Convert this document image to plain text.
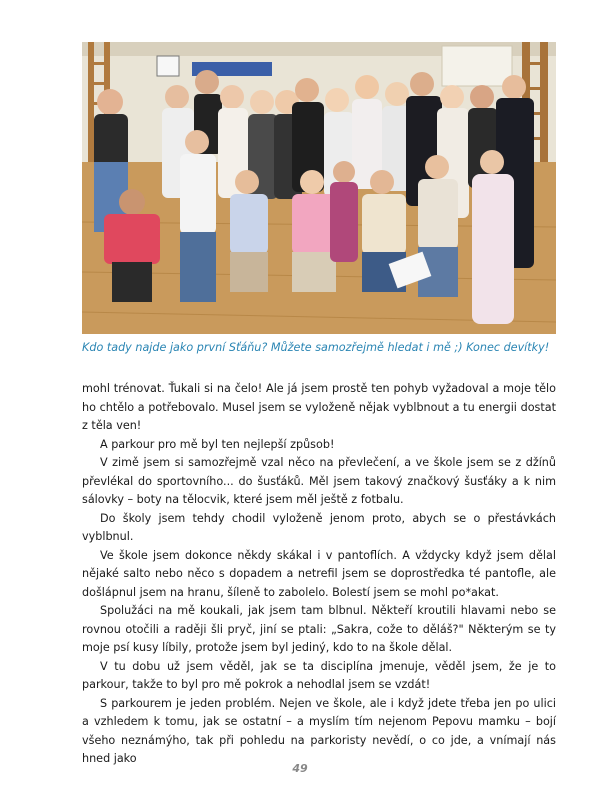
Kdo tady najde jako první Sťáňu? Můžete samozřejmě hledat i mě ;) Konec devítky!

mohl trénovat. Ťukali si na čelo! Ale já jsem prostě ten pohyb vyžadoval a moje tělo ho chtělo a potřebovalo. Musel jsem se vyloženě nějak vyblbnout a tu energii dostat z těla ven!

A parkour pro mě byl ten nejlepší způsob!

V zimě jsem si samozřejmě vzal něco na převlečení, a ve škole jsem se z džínů převlékal do sportovního... do šusťáků. Měl jsem takový značkový šusťáky a k nim sálovky – boty na tělocvik, které jsem měl ještě z fotbalu.

Do školy jsem tehdy chodil vyloženě jenom proto, abych se o přestávkách vyblbnul.

Ve škole jsem dokonce někdy skákal i v pantoflích. A vždycky když jsem dělal nějaké salto nebo něco s dopadem a netrefil jsem se doprostředka té pantofle, ale došlápnul jsem na hranu, šíleně to zabolelo. Bolestí jsem se mohl po*akat.

Spolužáci na mě koukali, jak jsem tam blbnul. Někteří kroutili hlavami nebo se rovnou otočili a raději šli pryč, jiní se ptali: „Sakra, cože to děláš?" Některým se ty moje psí kusy líbily, protože jsem byl jediný, kdo to na škole dělal.

V tu dobu už jsem věděl, jak se ta disciplína jmenuje, věděl jsem, že je to parkour, takže to byl pro mě pokrok a nehodlal jsem se vzdát!

S parkourem je jeden problém. Nejen ve škole, ale i když jdete třeba jen po ulici a vzhledem k tomu, jak se ostatní – a myslím tím nejenom Pepovu mamku – bojí všeho neznámýho, tak při pohledu na parkoristy nevědí, o co jde, a vnímají nás hned jako

49
